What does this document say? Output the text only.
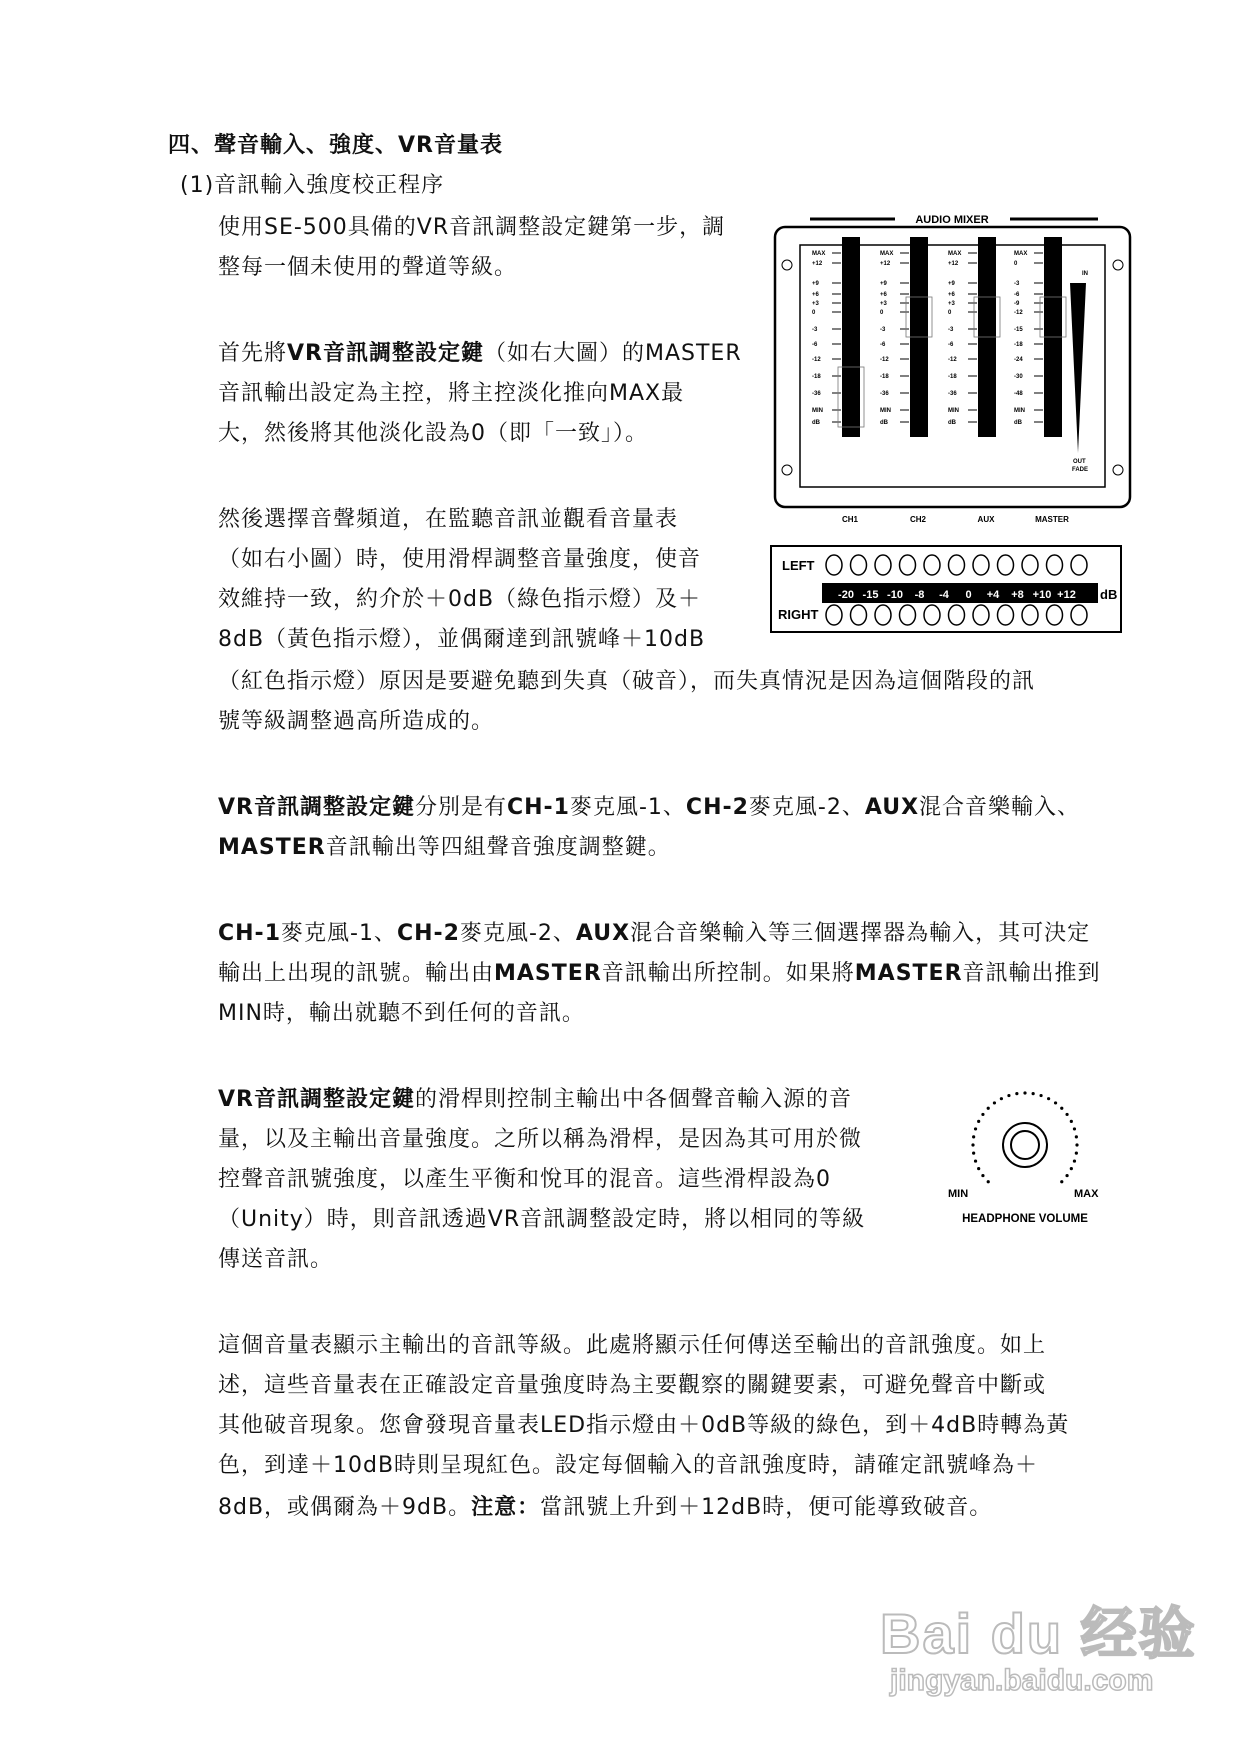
四、聲音輸入、強度、VR音量表
(1)音訊輸入強度校正程序
使用SE-500具備的VR音訊調整設定鍵第一步，調
整每一個未使用的聲道等級。
首先將VR音訊調整設定鍵（如右大圖）的MASTER
音訊輸出設定為主控，將主控淡化推向MAX最
大，然後將其他淡化設為0（即「一致」）。
然後選擇音聲頻道，在監聽音訊並觀看音量表
（如右小圖）時，使用滑桿調整音量強度，使音
效維持一致，約介於＋0dB（綠色指示燈）及＋
8dB（黃色指示燈），並偶爾達到訊號峰＋10dB
（紅色指示燈）原因是要避免聽到失真（破音），而失真情況是因為這個階段的訊
號等級調整過高所造成的。
VR音訊調整設定鍵分別是有CH-1麥克風-1、CH-2麥克風-2、AUX混合音樂輸入、
MASTER音訊輸出等四組聲音強度調整鍵。
CH-1麥克風-1、CH-2麥克風-2、AUX混合音樂輸入等三個選擇器為輸入，其可決定
輸出上出現的訊號。輸出由MASTER音訊輸出所控制。如果將MASTER音訊輸出推到
MIN時，輸出就聽不到任何的音訊。
VR音訊調整設定鍵的滑桿則控制主輸出中各個聲音輸入源的音
量，以及主輸出音量強度。之所以稱為滑桿，是因為其可用於微
控聲音訊號強度，以產生平衡和悅耳的混音。這些滑桿設為0
（Unity）時，則音訊透過VR音訊調整設定時，將以相同的等級
傳送音訊。
這個音量表顯示主輸出的音訊等級。此處將顯示任何傳送至輸出的音訊強度。如上
述，這些音量表在正確設定音量強度時為主要觀察的關鍵要素，可避免聲音中斷或
其他破音現象。您會發現音量表LED指示燈由＋0dB等級的綠色，到＋4dB時轉為黃
色，到達＋10dB時則呈現紅色。設定每個輸入的音訊強度時，請確定訊號峰為＋
8dB，或偶爾為＋9dB。注意：當訊號上升到＋12dB時，便可能導致破音。
AUDIO MIXER
MAX
+12
+9
+6
+3
0
-3
-6
-12
-18
-36
MIN
dB
CH1
MAX
+12
+9
+6
+3
0
-3
-6
-12
-18
-36
MIN
dB
CH2
MAX
+12
+9
+6
+3
0
-3
-6
-12
-18
-36
MIN
dB
AUX
MAX
0
-3
-6
-9
-12
-15
-18
-24
-30
-48
MIN
dB
MASTER
IN
OUT
FADE
LEFT
RIGHT
dB
-20 -15 -10 -8 -4 0 +4 +8 +10 +12
MIN	MAX
HEADPHONE VOLUME
Bai du 经验
jingyan.baidu.com
